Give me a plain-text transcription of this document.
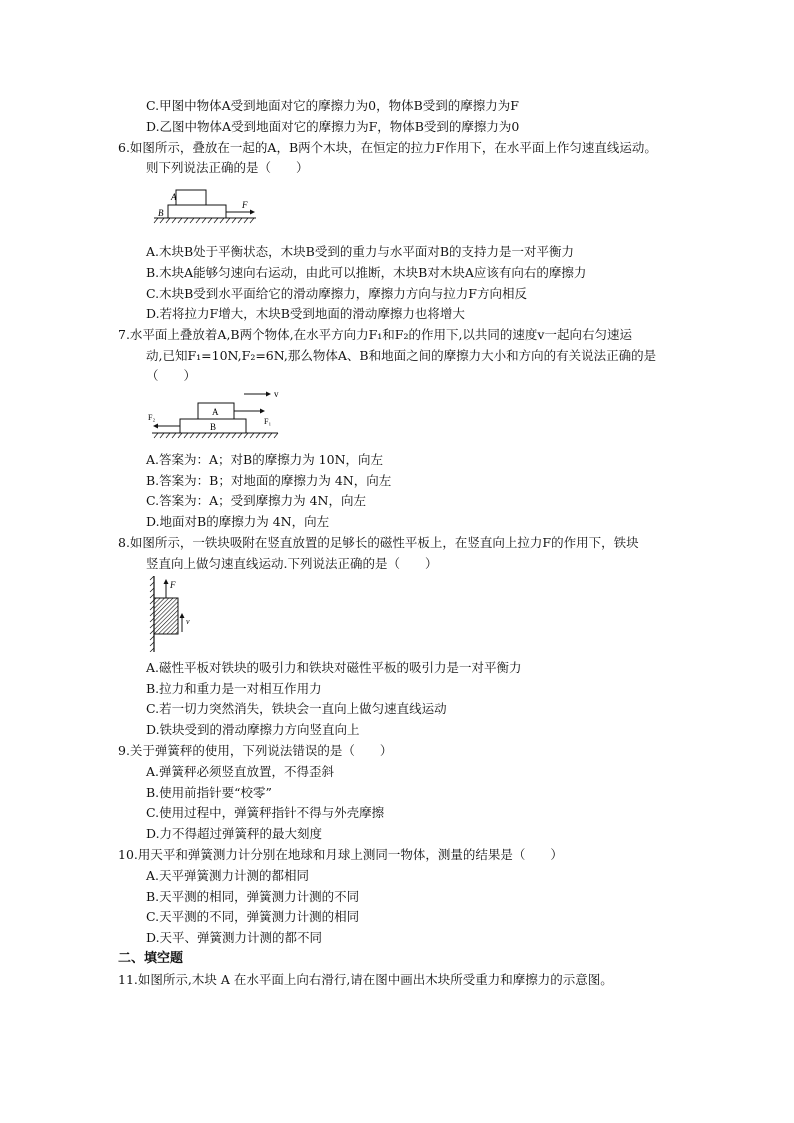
C.甲图中物体A受到地面对它的摩擦力为0，物体B受到的摩擦力为F
D.乙图中物体A受到地面对它的摩擦力为F，物体B受到的摩擦力为0
6.如图所示，叠放在一起的A，B两个木块，在恒定的拉力F作用下，在水平面上作匀速直线运动。
则下列说法正确的是（　　）
A
B
F
A.木块B处于平衡状态，木块B受到的重力与水平面对B的支持力是一对平衡力
B.木块A能够匀速向右运动，由此可以推断，木块B对木块A应该有向右的摩擦力
C.木块B受到水平面给它的滑动摩擦力，摩擦力方向与拉力F方向相反
D.若将拉力F增大，木块B受到地面的滑动摩擦力也将增大
7.水平面上叠放着A,B两个物体,在水平方向力F₁和F₂的作用下,以共同的速度v一起向右匀速运
动,已知F₁=10N,F₂=6N,那么物体A、B和地面之间的摩擦力大小和方向的有关说法正确的是
（　　）
A
B
v
F₁
F₂
A.答案为：A；对B的摩擦力为 10N，向左
B.答案为：B；对地面的摩擦力为 4N，向左
C.答案为：A；受到摩擦力为 4N，向左
D.地面对B的摩擦力为 4N，向左
8.如图所示，一铁块吸附在竖直放置的足够长的磁性平板上，在竖直向上拉力F的作用下，铁块
竖直向上做匀速直线运动.下列说法正确的是（　　）
F
v
A.磁性平板对铁块的吸引力和铁块对磁性平板的吸引力是一对平衡力
B.拉力和重力是一对相互作用力
C.若一切力突然消失，铁块会一直向上做匀速直线运动
D.铁块受到的滑动摩擦力方向竖直向上
9.关于弹簧秤的使用，下列说法错误的是（　　）
A.弹簧秤必须竖直放置，不得歪斜
B.使用前指针要“校零”
C.使用过程中，弹簧秤指针不得与外壳摩擦
D.力不得超过弹簧秤的最大刻度
10.用天平和弹簧测力计分别在地球和月球上测同一物体，测量的结果是（　　）
A.天平弹簧测力计测的都相同
B.天平测的相同，弹簧测力计测的不同
C.天平测的不同，弹簧测力计测的相同
D.天平、弹簧测力计测的都不同
二、填空题
11.如图所示,木块 A 在水平面上向右滑行,请在图中画出木块所受重力和摩擦力的示意图。
